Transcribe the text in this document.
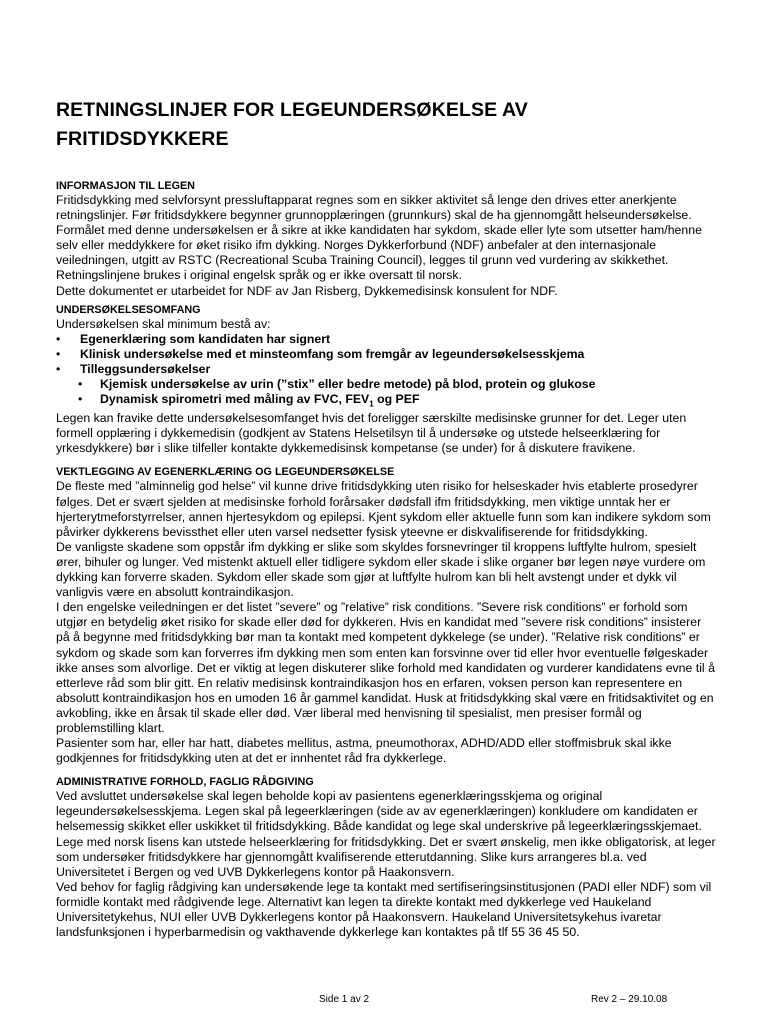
RETNINGSLINJER FOR LEGEUNDERSØKELSE AV
FRITIDSDYKKERE
INFORMASJON TIL LEGEN

Fritidsdykking med selvforsynt pressluftapparat regnes som en sikker aktivitet så lenge den drives etter anerkjente retningslinjer. Før fritidsdykkere begynner grunnopplæringen (grunnkurs) skal de ha gjennomgått helseundersøkelse. Formålet med denne undersøkelsen er å sikre at ikke kandidaten har sykdom, skade eller lyte som utsetter ham/henne selv eller meddykkere for øket risiko ifm dykking. Norges Dykkerforbund (NDF) anbefaler at den internasjonale veiledningen, utgitt av RSTC (Recreational Scuba Training Council), legges til grunn ved vurdering av skikkethet. Retningslinjene brukes i original engelsk språk og er ikke oversatt til norsk.

Dette dokumentet er utarbeidet for NDF av Jan Risberg, Dykkemedisinsk konsulent for NDF.

UNDERSØKELSESOMFANG

Undersøkelsen skal minimum bestå av:

• Egenerklæring som kandidaten har signert
• Klinisk undersøkelse med et minsteomfang som fremgår av legeundersøkelsesskjema
• Tilleggsundersøkelser
• Kjemisk undersøkelse av urin (”stix” eller bedre metode) på blod, protein og glukose
• Dynamisk spirometri med måling av FVC, $FEV_1$ og PEF

Legen kan fravike dette undersøkelsesomfanget hvis det foreligger særskilte medisinske grunner for det. Leger uten formell opplæring i dykkemedisin (godkjent av Statens Helsetilsyn til å undersøke og utstede helseerklæring for yrkesdykkere) bør i slike tilfeller kontakte dykkemedisinsk kompetanse (se under) for å diskutere fravikene.

VEKTLEGGING AV EGENERKLÆRING OG LEGEUNDERSØKELSE

De fleste med ”alminnelig god helse” vil kunne drive fritidsdykking uten risiko for helseskader hvis etablerte prosedyrer følges. Det er svært sjelden at medisinske forhold forårsaker dødsfall ifm fritidsdykking, men viktige unntak her er hjerterytmeforstyrrelser, annen hjertesykdom og epilepsi. Kjent sykdom eller aktuelle funn som kan indikere sykdom som påvirker dykkerens bevissthet eller uten varsel nedsetter fysisk yteevne er diskvalifiserende for fritidsdykking.

De vanligste skadene som oppstår ifm dykking er slike som skyldes forsnevringer til kroppens luftfylte hulrom, spesielt ører, bihuler og lunger. Ved mistenkt aktuell eller tidligere sykdom eller skade i slike organer bør legen nøye vurdere om dykking kan forverre skaden. Sykdom eller skade som gjør at luftfylte hulrom kan bli helt avstengt under et dykk vil vanligvis være en absolutt kontraindikasjon.

I den engelske veiledningen er det listet ”severe” og ”relative” risk conditions. ”Severe risk conditions” er forhold som utgjør en betydelig øket risiko for skade eller død for dykkeren. Hvis en kandidat med ”severe risk conditions” insisterer på å begynne med fritidsdykking bør man ta kontakt med kompetent dykkelege (se under). ”Relative risk conditions” er sykdom og skade som kan forverres ifm dykking men som enten kan forsvinne over tid eller hvor eventuelle følgeskader ikke anses som alvorlige. Det er viktig at legen diskuterer slike forhold med kandidaten og vurderer kandidatens evne til å etterleve råd som blir gitt. En relativ medisinsk kontraindikasjon hos en erfaren, voksen person kan representere en absolutt kontraindikasjon hos en umoden 16 år gammel kandidat. Husk at fritidsdykking skal være en fritidsaktivitet og en avkobling, ikke en årsak til skade eller død. Vær liberal med henvisning til spesialist, men presiser formål og problemstilling klart.

Pasienter som har, eller har hatt, diabetes mellitus, astma, pneumothorax, ADHD/ADD eller stoffmisbruk skal ikke godkjennes for fritidsdykking uten at det er innhentet råd fra dykkerlege.

ADMINISTRATIVE FORHOLD, FAGLIG RÅDGIVING

Ved avsluttet undersøkelse skal legen beholde kopi av pasientens egenerklæringsskjema og original legeundersøkelsesskjema. Legen skal på legeerklæringen (side av av egenerklæringen) konkludere om kandidaten er helsemessig skikket eller uskikket til fritidsdykking. Både kandidat og lege skal underskrive på legeerklæringsskjemaet. Lege med norsk lisens kan utstede helseerklæring for fritidsdykking. Det er svært ønskelig, men ikke obligatorisk, at leger som undersøker fritidsdykkere har gjennomgått kvalifiserende etterutdanning. Slike kurs arrangeres bl.a. ved Universitetet i Bergen og ved UVB Dykkerlegens kontor på Haakonsvern.

Ved behov for faglig rådgiving kan undersøkende lege ta kontakt med sertifiseringsinstitusjonen (PADI eller NDF) som vil formidle kontakt med rådgivende lege. Alternativt kan legen ta direkte kontakt med dykkerlege ved Haukeland Universitetykehus, NUI eller UVB Dykkerlegens kontor på Haakonsvern. Haukeland Universitetsykehus ivaretar landsfunksjonen i hyperbarmedisin og vakthavende dykkerlege kan kontaktes på tlf 55 36 45 50.

Side 1 av 2	Rev 2 – 29.10.08
